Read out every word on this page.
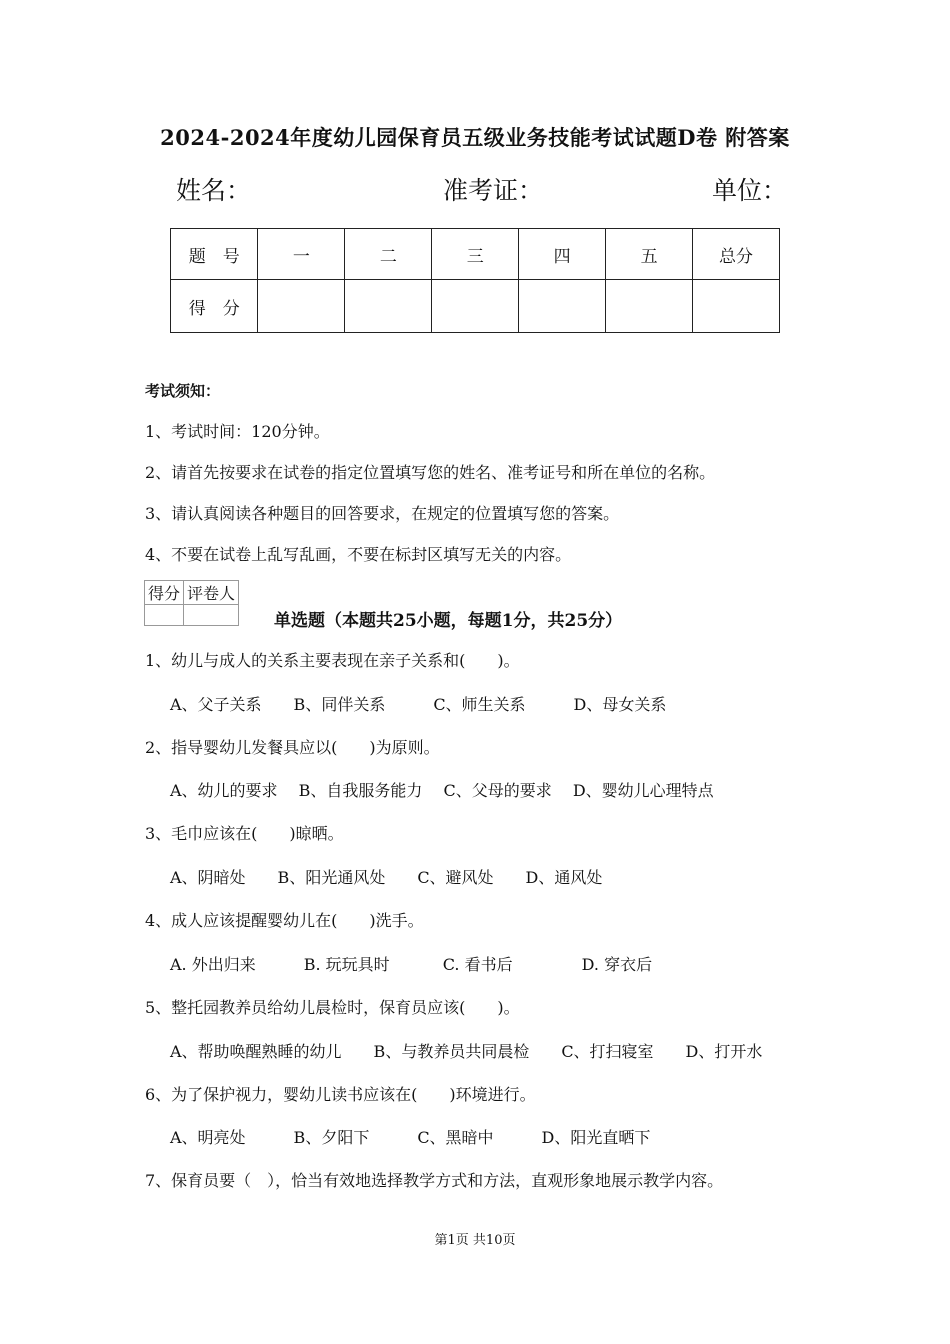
2024-2024年度幼儿园保育员五级业务技能考试试题D卷 附答案
姓名：	准考证：	单位：
题　号	一	二	三	四	五	总分
得　分						
考试须知：
1、考试时间：120分钟。
2、请首先按要求在试卷的指定位置填写您的姓名、准考证号和所在单位的名称。
3、请认真阅读各种题目的回答要求，在规定的位置填写您的答案。
4、不要在试卷上乱写乱画，不要在标封区填写无关的内容。
得分	评卷人

单选题（本题共25小题，每题1分，共25分）
1、幼儿与成人的关系主要表现在亲子关系和(　　)。
A、父子关系　　B、同伴关系　　　C、师生关系　　　D、母女关系
2、指导婴幼儿发餐具应以(　　)为原则。
A、幼儿的要求　 B、自我服务能力　 C、父母的要求　 D、婴幼儿心理特点
3、毛巾应该在(　　)晾晒。
A、阴暗处　　B、阳光通风处　　C、避风处　　D、通风处
4、成人应该提醒婴幼儿在(　　)洗手。
A. 外出归来　　　B. 玩玩具时　　　 C. 看书后　　　　 D. 穿衣后
5、整托园教养员给幼儿晨检时，保育员应该(　　)。
A、帮助唤醒熟睡的幼儿　　B、与教养员共同晨检　　C、打扫寝室　　D、打开水
6、为了保护视力，婴幼儿读书应该在(　　)环境进行。
A、明亮处　　　B、夕阳下　　　C、黑暗中　　　D、阳光直晒下
7、保育员要（　），恰当有效地选择教学方式和方法，直观形象地展示教学内容。
第1页 共10页
